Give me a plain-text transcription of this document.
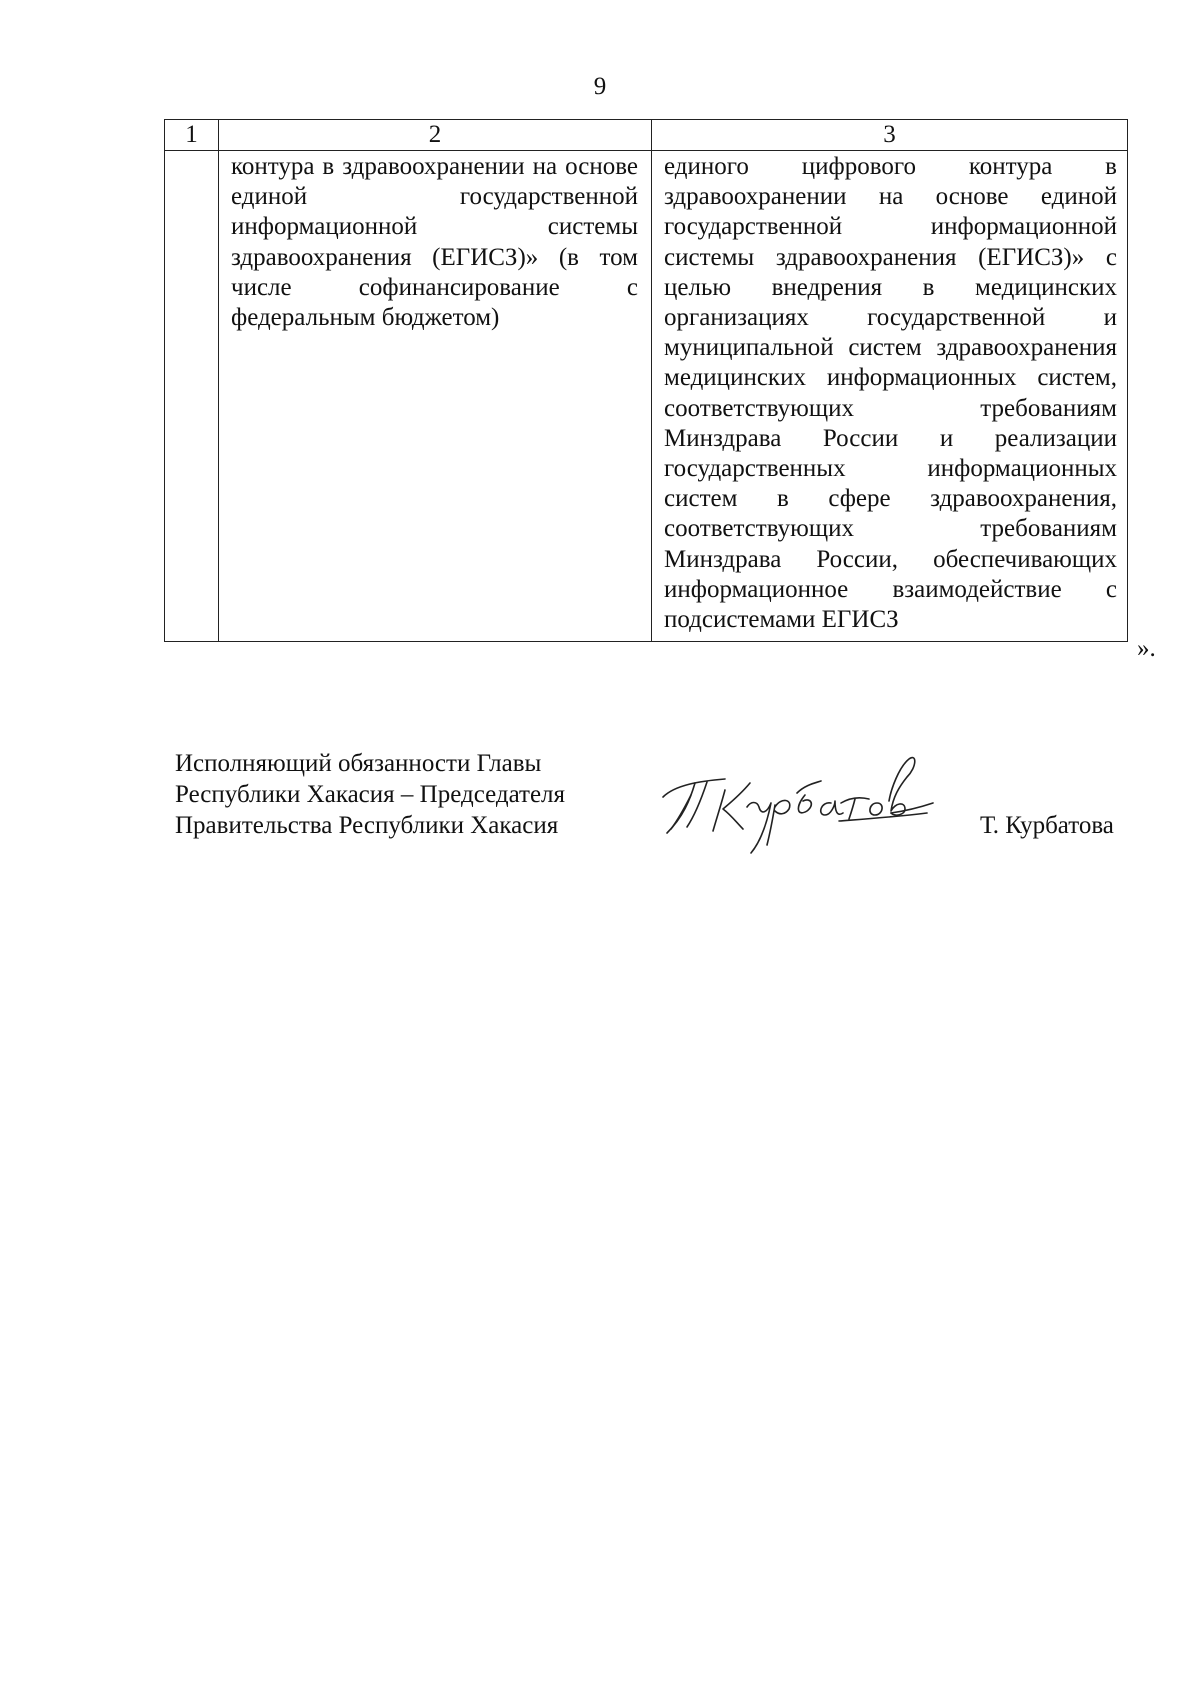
9
1	2	3

	контура в здравоохранении на основе единой государственной информационной системы здравоохранения (ЕГИСЗ)» (в том числе софинансирование с федеральным бюджетом)	единого цифрового контура в здравоохранении на основе единой государственной информационной системы здравоохранения (ЕГИСЗ)» с целью внедрения в медицинских организациях государственной и муниципальной систем здравоохранения медицинских информационных систем, соответствующих требованиям Минздрава России и реализации государственных информационных систем в сфере здравоохранения, соответствующих требованиям Минздрава России, обеспечивающих информационное взаимодействие с подсистемами ЕГИСЗ
».
Исполняющий обязанности Главы
Республики Хакасия – Председателя
Правительства Республики Хакасия	Т. Курбатова
